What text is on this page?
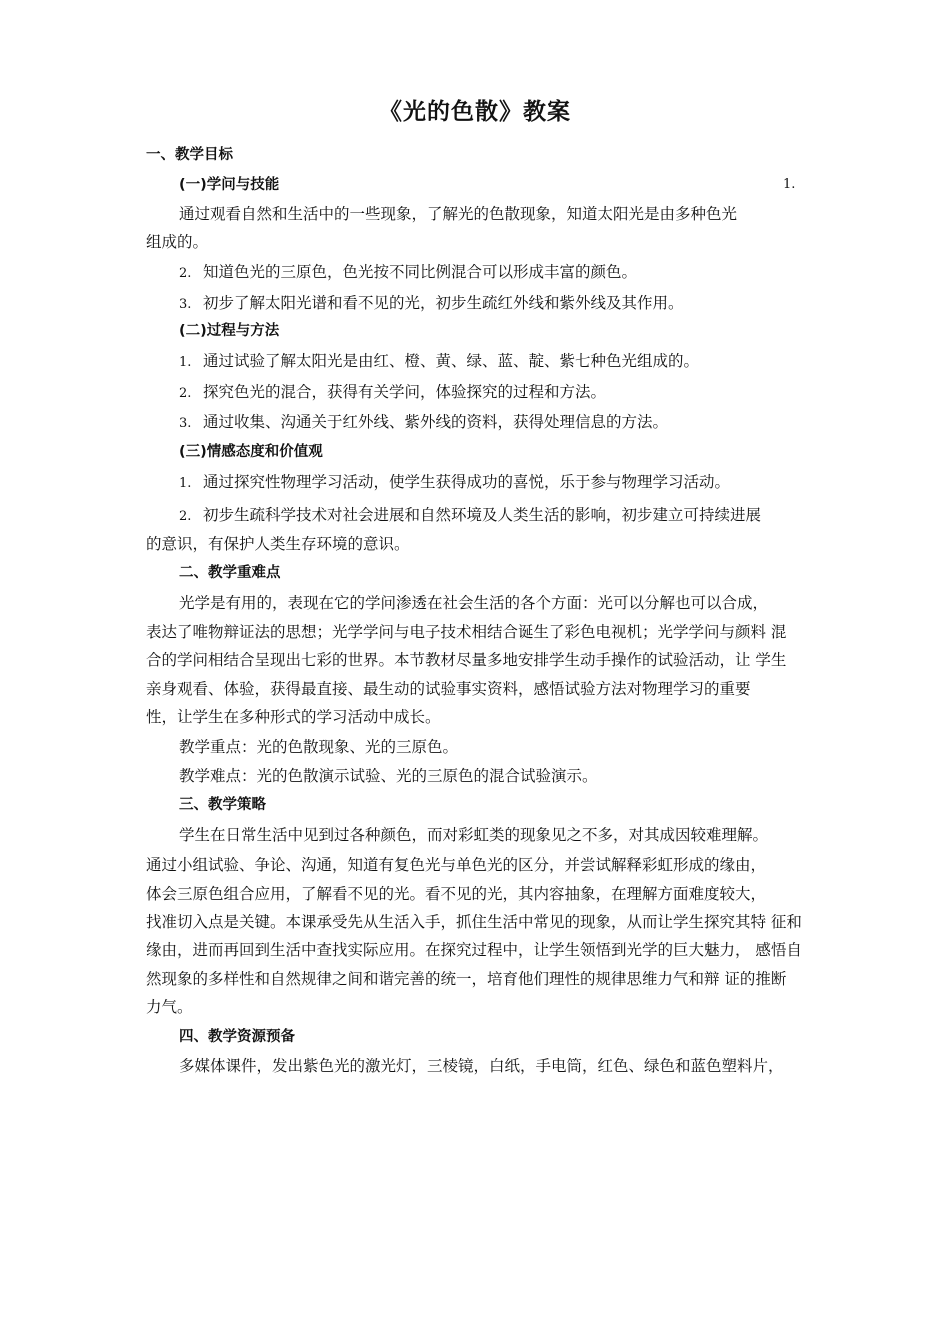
《光的色散》教案
一、教学目标
(一)学问与技能	1.
通过观看自然和生活中的一些现象，了解光的色散现象，知道太阳光是由多种色光
组成的。
2. 知道色光的三原色，色光按不同比例混合可以形成丰富的颜色。
3. 初步了解太阳光谱和看不见的光，初步生疏红外线和紫外线及其作用。
(二)过程与方法
1. 通过试验了解太阳光是由红、橙、黄、绿、蓝、靛、紫七种色光组成的。
2. 探究色光的混合，获得有关学问，体验探究的过程和方法。
3. 通过收集、沟通关于红外线、紫外线的资料，获得处理信息的方法。
(三)情感态度和价值观
1. 通过探究性物理学习活动，使学生获得成功的喜悦，乐于参与物理学习活动。
2. 初步生疏科学技术对社会进展和自然环境及人类生活的影响，初步建立可持续进展
的意识，有保护人类生存环境的意识。
二、教学重难点
光学是有用的，表现在它的学问渗透在社会生活的各个方面：光可以分解也可以合成，
表达了唯物辩证法的思想；光学学问与电子技术相结合诞生了彩色电视机；光学学问与颜料 混
合的学问相结合呈现出七彩的世界。本节教材尽量多地安排学生动手操作的试验活动，让 学生
亲身观看、体验，获得最直接、最生动的试验事实资料，感悟试验方法对物理学习的重要
性，让学生在多种形式的学习活动中成长。
教学重点：光的色散现象、光的三原色。
教学难点：光的色散演示试验、光的三原色的混合试验演示。
三、教学策略
学生在日常生活中见到过各种颜色，而对彩虹类的现象见之不多，对其成因较难理解。
通过小组试验、争论、沟通，知道有复色光与单色光的区分，并尝试解释彩虹形成的缘由，
体会三原色组合应用，了解看不见的光。看不见的光，其内容抽象，在理解方面难度较大，
找准切入点是关键。本课承受先从生活入手，抓住生活中常见的现象，从而让学生探究其特 征和
缘由，进而再回到生活中查找实际应用。在探究过程中，让学生领悟到光学的巨大魅力， 感悟自
然现象的多样性和自然规律之间和谐完善的统一，培育他们理性的规律思维力气和辩 证的推断
力气。
四、教学资源预备
多媒体课件，发出紫色光的激光灯，三棱镜，白纸，手电筒，红色、绿色和蓝色塑料片，
